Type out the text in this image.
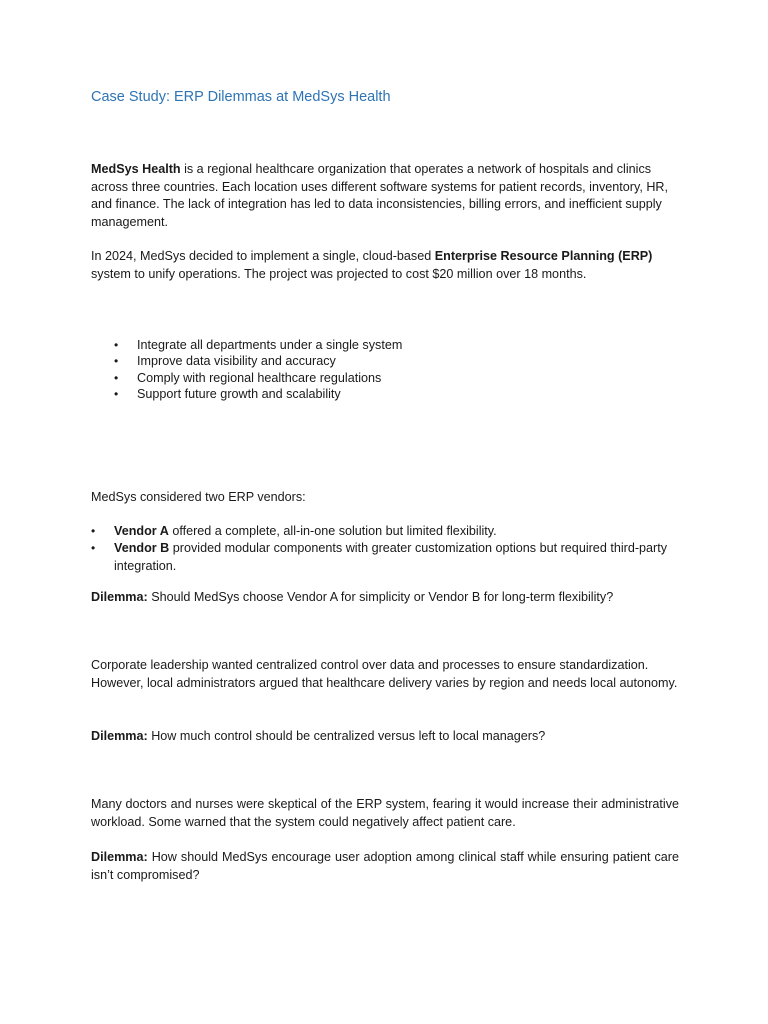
Case Study: ERP Dilemmas at MedSys Health

MedSys Health is a regional healthcare organization that operates a network of hospitals and clinics across three countries. Each location uses different software systems for patient records, inventory, HR, and finance. The lack of integration has led to data inconsistencies, billing errors, and inefficient supply management.

In 2024, MedSys decided to implement a single, cloud-based Enterprise Resource Planning (ERP) system to unify operations. The project was projected to cost $20 million over 18 months.

• Integrate all departments under a single system
• Improve data visibility and accuracy
• Comply with regional healthcare regulations
• Support future growth and scalability

MedSys considered two ERP vendors:

• Vendor A offered a complete, all-in-one solution but limited flexibility.
• Vendor B provided modular components with greater customization options but required third-party integration.

Dilemma: Should MedSys choose Vendor A for simplicity or Vendor B for long-term flexibility?

Corporate leadership wanted centralized control over data and processes to ensure standardization. However, local administrators argued that healthcare delivery varies by region and needs local autonomy.

Dilemma: How much control should be centralized versus left to local managers?

Many doctors and nurses were skeptical of the ERP system, fearing it would increase their administrative workload. Some warned that the system could negatively affect patient care.

Dilemma: How should MedSys encourage user adoption among clinical staff while ensuring patient care isn’t compromised?
